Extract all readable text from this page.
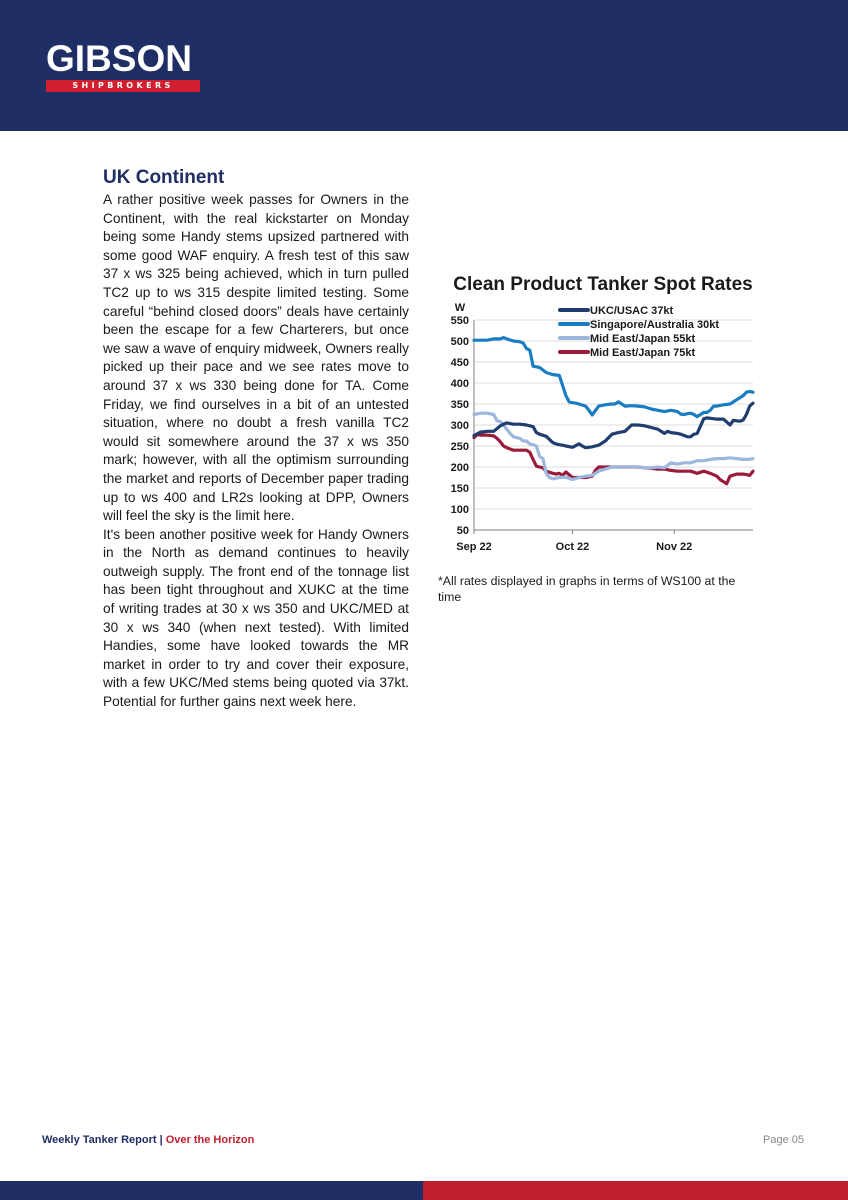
GIBSON
SHIPBROKERS
UK Continent

A rather positive week passes for Owners in the Continent, with the real kickstarter on Monday being some Handy stems upsized partnered with some good WAF enquiry. A fresh test of this saw 37 x ws 325 being achieved, which in turn pulled TC2 up to ws 315 despite limited testing. Some careful “behind closed doors” deals have certainly been the escape for a few Charterers, but once we saw a wave of enquiry midweek, Owners really picked up their pace and we see rates move to around 37 x ws 330 being done for TA. Come Friday, we find ourselves in a bit of an untested situation, where no doubt a fresh vanilla TC2 would sit somewhere around the 37 x ws 350 mark; however, with all the optimism surrounding the market and reports of December paper trading up to ws 400 and LR2s looking at DPP, Owners will feel the sky is the limit here.

It's been another positive week for Handy Owners in the North as demand continues to heavily outweigh supply. The front end of the tonnage list has been tight throughout and XUKC at the time of writing trades at 30 x ws 350 and UKC/MED at 30 x ws 340 (when next tested). With limited Handies, some have looked towards the MR market in order to try and cover their exposure, with a few UKC/Med stems being quoted via 37kt. Potential for further gains next week here.

Clean Product Tanker Spot Rates
50
100
150
200
250
300
350
400
450
500
550
W
Sep 22	Oct 22	Nov 22
UKC/USAC 37kt
Singapore/Australia 30kt
Mid East/Japan 55kt
Mid East/Japan 75kt
*All rates displayed in graphs in terms of WS100 at the time
Weekly Tanker Report | Over the Horizon	Page 05
